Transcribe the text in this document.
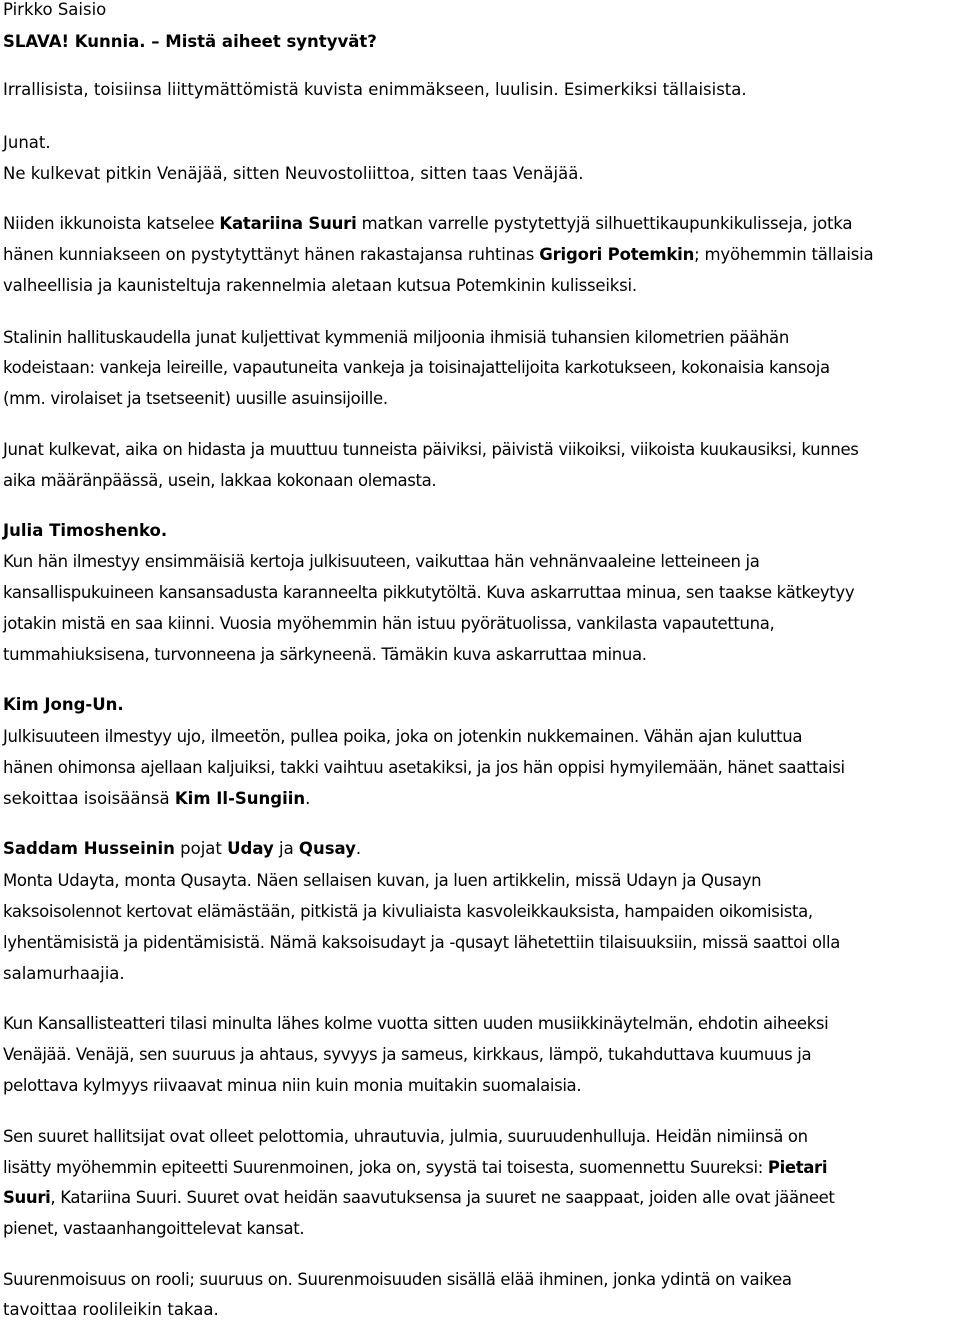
Pirkko Saisio
SLAVA! Kunnia. – Mistä aiheet syntyvät?
Irrallisista, toisiinsa liittymättömistä kuvista enimmäkseen, luulisin. Esimerkiksi tällaisista.
Junat.
Ne kulkevat pitkin Venäjää, sitten Neuvostoliittoa, sitten taas Venäjää.
Niiden ikkunoista katselee Katariina Suuri matkan varrelle pystytettyjä silhuettikaupunkikulisseja, jotka
hänen kunniakseen on pystytyttänyt hänen rakastajansa ruhtinas Grigori Potemkin; myöhemmin tällaisia
valheellisia ja kaunisteltuja rakennelmia aletaan kutsua Potemkinin kulisseiksi.
Stalinin hallituskaudella junat kuljettivat kymmeniä miljoonia ihmisiä tuhansien kilometrien päähän
kodeistaan: vankeja leireille, vapautuneita vankeja ja toisinajattelijoita karkotukseen, kokonaisia kansoja
(mm. virolaiset ja tsetseenit) uusille asuinsijoille.
Junat kulkevat, aika on hidasta ja muuttuu tunneista päiviksi, päivistä viikoiksi, viikoista kuukausiksi, kunnes
aika määränpäässä, usein, lakkaa kokonaan olemasta.
Julia Timoshenko.
Kun hän ilmestyy ensimmäisiä kertoja julkisuuteen, vaikuttaa hän vehnänvaaleine letteineen ja
kansallispukuineen kansansadusta karanneelta pikkutytöltä. Kuva askarruttaa minua, sen taakse kätkeytyy
jotakin mistä en saa kiinni. Vuosia myöhemmin hän istuu pyörätuolissa, vankilasta vapautettuna,
tummahiuksisena, turvonneena ja särkyneenä. Tämäkin kuva askarruttaa minua.
Kim Jong-Un.
Julkisuuteen ilmestyy ujo, ilmeetön, pullea poika, joka on jotenkin nukkemainen. Vähän ajan kuluttua
hänen ohimonsa ajellaan kaljuiksi, takki vaihtuu asetakiksi, ja jos hän oppisi hymyilemään, hänet saattaisi
sekoittaa isoisäänsä Kim Il-Sungiin.
Saddam Husseinin pojat Uday ja Qusay.
Monta Udayta, monta Qusayta. Näen sellaisen kuvan, ja luen artikkelin, missä Udayn ja Qusayn
kaksoisolennot kertovat elämästään, pitkistä ja kivuliaista kasvoleikkauksista, hampaiden oikomisista,
lyhentämisistä ja pidentämisistä. Nämä kaksoisudayt ja -qusayt lähetettiin tilaisuuksiin, missä saattoi olla
salamurhaajia.
Kun Kansallisteatteri tilasi minulta lähes kolme vuotta sitten uuden musiikkinäytelmän, ehdotin aiheeksi
Venäjää. Venäjä, sen suuruus ja ahtaus, syvyys ja sameus, kirkkaus, lämpö, tukahduttava kuumuus ja
pelottava kylmyys riivaavat minua niin kuin monia muitakin suomalaisia.
Sen suuret hallitsijat ovat olleet pelottomia, uhrautuvia, julmia, suuruudenhulluja. Heidän nimiinsä on
lisätty myöhemmin epiteetti Suurenmoinen, joka on, syystä tai toisesta, suomennettu Suureksi: Pietari
Suuri, Katariina Suuri. Suuret ovat heidän saavutuksensa ja suuret ne saappaat, joiden alle ovat jääneet
pienet, vastaanhangoittelevat kansat.
Suurenmoisuus on rooli; suuruus on. Suurenmoisuuden sisällä elää ihminen, jonka ydintä on vaikea
tavoittaa roolileikin takaa.
